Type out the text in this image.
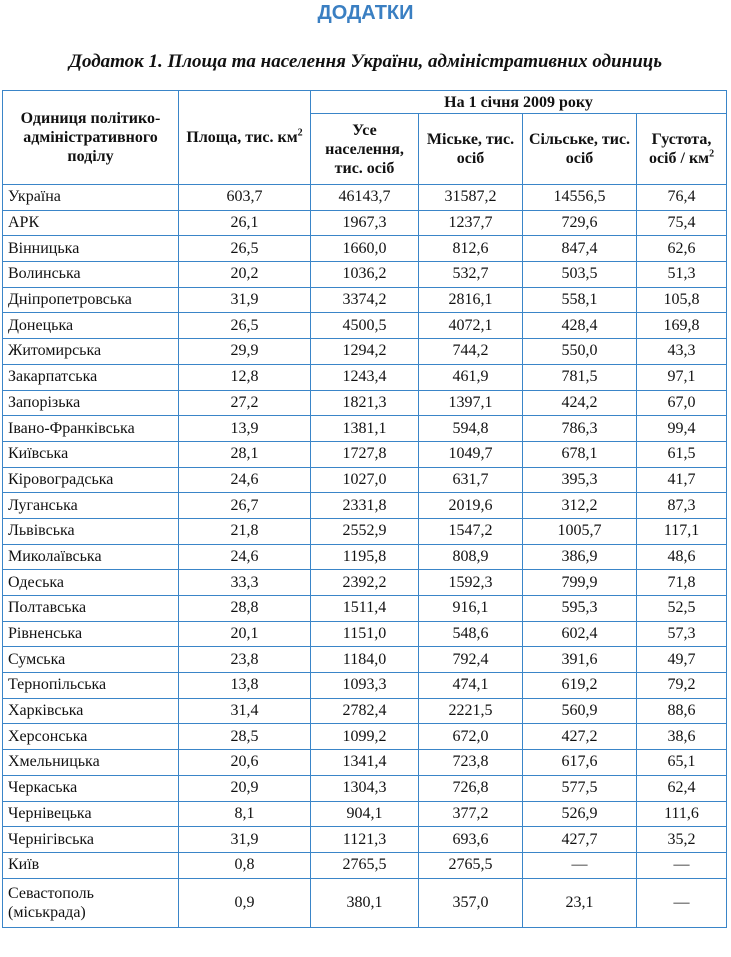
ДОДАТКИ
Додаток 1. Площа та населення України, адміністративних одиниць
Одиниця політико-адміністративного поділу	Площа, тис. $км^2$	На 1 січня 2009 року			
		Усе населення, тис. осіб	Міське, тис. осіб	Сільське, тис. осіб	Густота, осіб / $км^2$
Україна	603,7	46143,7	31587,2	14556,5	76,4
АРК	26,1	1967,3	1237,7	729,6	75,4
Вінницька	26,5	1660,0	812,6	847,4	62,6
Волинська	20,2	1036,2	532,7	503,5	51,3
Дніпропетровська	31,9	3374,2	2816,1	558,1	105,8
Донецька	26,5	4500,5	4072,1	428,4	169,8
Житомирська	29,9	1294,2	744,2	550,0	43,3
Закарпатська	12,8	1243,4	461,9	781,5	97,1
Запорізька	27,2	1821,3	1397,1	424,2	67,0
Івано-Франківська	13,9	1381,1	594,8	786,3	99,4
Київська	28,1	1727,8	1049,7	678,1	61,5
Кіровоградська	24,6	1027,0	631,7	395,3	41,7
Луганська	26,7	2331,8	2019,6	312,2	87,3
Львівська	21,8	2552,9	1547,2	1005,7	117,1
Миколаївська	24,6	1195,8	808,9	386,9	48,6
Одеська	33,3	2392,2	1592,3	799,9	71,8
Полтавська	28,8	1511,4	916,1	595,3	52,5
Рівненська	20,1	1151,0	548,6	602,4	57,3
Сумська	23,8	1184,0	792,4	391,6	49,7
Тернопільська	13,8	1093,3	474,1	619,2	79,2
Харківська	31,4	2782,4	2221,5	560,9	88,6
Херсонська	28,5	1099,2	672,0	427,2	38,6
Хмельницька	20,6	1341,4	723,8	617,6	65,1
Черкаська	20,9	1304,3	726,8	577,5	62,4
Чернівецька	8,1	904,1	377,2	526,9	111,6
Чернігівська	31,9	1121,3	693,6	427,7	35,2
Київ	0,8	2765,5	2765,5	—	—
Севастополь (міськрада)	0,9	380,1	357,0	23,1	—
